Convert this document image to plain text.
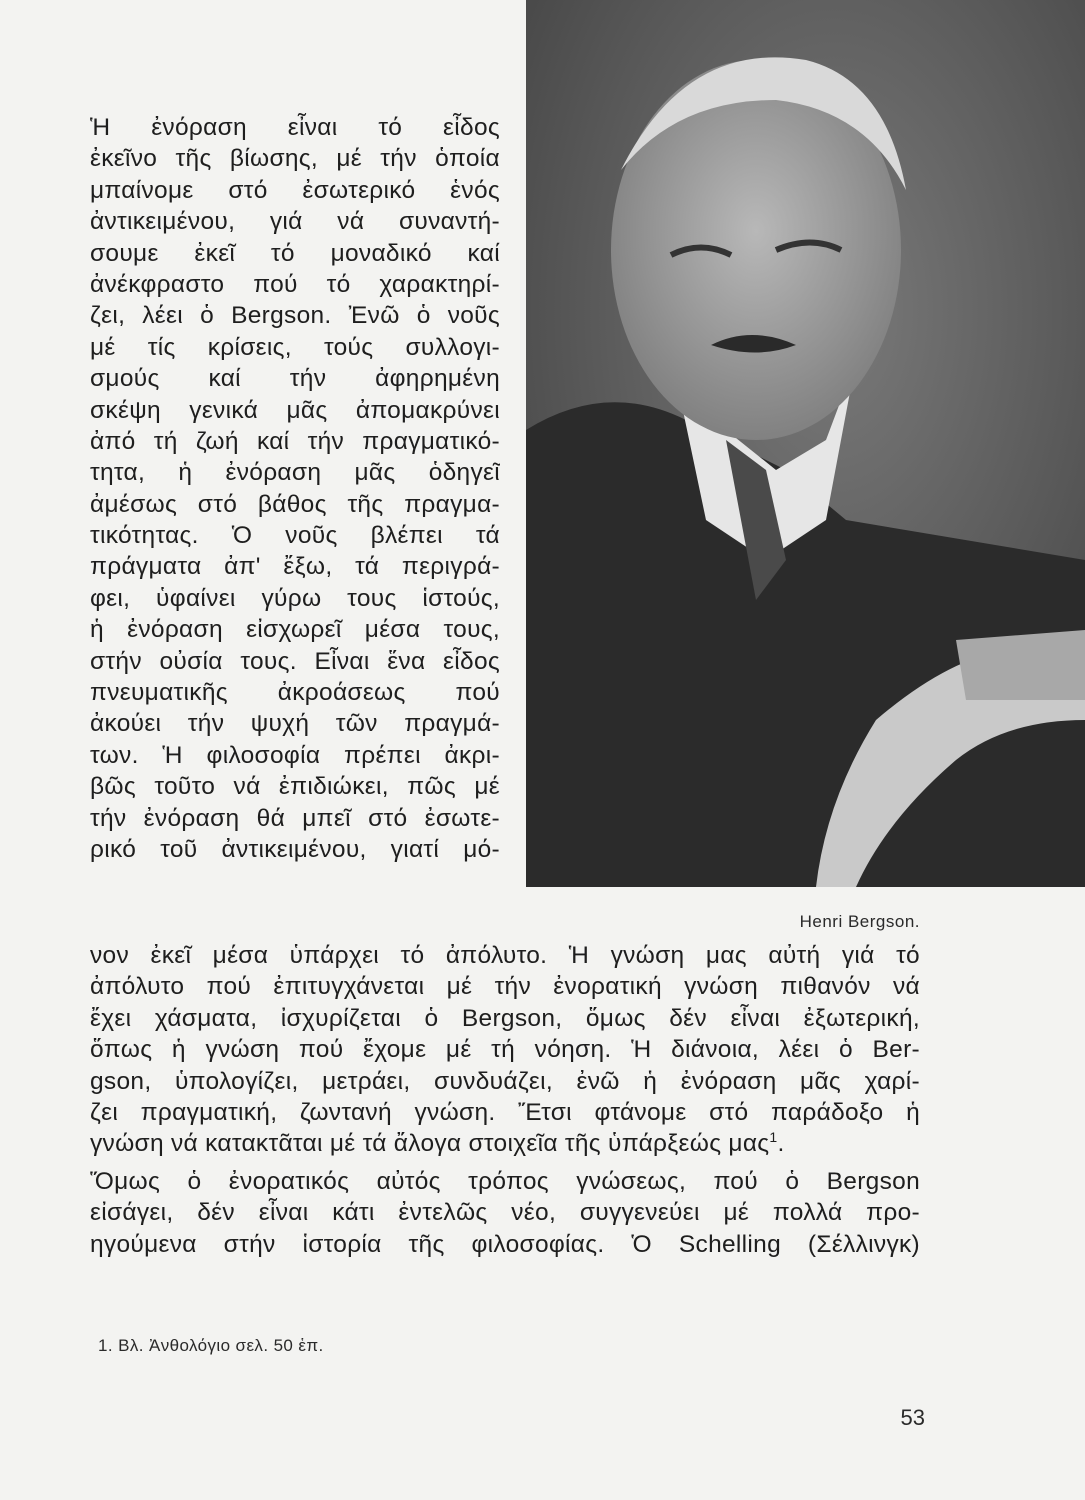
Henri Bergson.
Ἡ ἐνόραση εἶναι τό εἶδος
ἐκεῖνο τῆς βίωσης, μέ τήν ὁποία
μπαίνομε στό ἐσωτερικό ἑνός
ἀντικειμένου, γιά νά συναντή-
σουμε ἐκεῖ τό μοναδικό καί
ἀνέκφραστο πού τό χαρακτηρί-
ζει, λέει ὁ Bergson. Ἐνῶ ὁ νοῦς
μέ τίς κρίσεις, τούς συλλογι-
σμούς καί τήν ἀφηρημένη
σκέψη γενικά μᾶς ἀπομακρύνει
ἀπό τή ζωή καί τήν πραγματικό-
τητα, ἡ ἐνόραση μᾶς ὁδηγεῖ
ἀμέσως στό βάθος τῆς πραγμα-
τικότητας. Ὁ νοῦς βλέπει τά
πράγματα ἀπ' ἔξω, τά περιγρά-
φει, ὑφαίνει γύρω τους ἱστούς,
ἡ ἐνόραση εἰσχωρεῖ μέσα τους,
στήν οὐσία τους. Εἶναι ἕνα εἶδος
πνευματικῆς ἀκροάσεως πού
ἀκούει τήν ψυχή τῶν πραγμά-
των. Ἡ φιλοσοφία πρέπει ἀκρι-
βῶς τοῦτο νά ἐπιδιώκει, πῶς μέ
τήν ἐνόραση θά μπεῖ στό ἐσωτε-
ρικό τοῦ ἀντικειμένου, γιατί μό-
νον ἐκεῖ μέσα ὑπάρχει τό ἀπόλυτο. Ἡ γνώση μας αὐτή γιά τό
ἀπόλυτο πού ἐπιτυγχάνεται μέ τήν ἐνορατική γνώση πιθανόν νά
ἔχει χάσματα, ἰσχυρίζεται ὁ Bergson, ὅμως δέν εἶναι ἐξωτερική,
ὅπως ἡ γνώση πού ἔχομε μέ τή νόηση. Ἡ διάνοια, λέει ὁ Ber-
gson, ὑπολογίζει, μετράει, συνδυάζει, ἐνῶ ἡ ἐνόραση μᾶς χαρί-
ζει πραγματική, ζωντανή γνώση. Ἔτσι φτάνομε στό παράδοξο ἡ
γνώση νά κατακτᾶται μέ τά ἄλογα στοιχεῖα τῆς ὑπάρξεώς μας$^1$.
Ὅμως ὁ ἐνορατικός αὐτός τρόπος γνώσεως, πού ὁ Bergson
εἰσάγει, δέν εἶναι κάτι ἐντελῶς νέο, συγγενεύει μέ πολλά προ-
ηγούμενα στήν ἱστορία τῆς φιλοσοφίας. Ὁ Schelling (Σέλλινγκ)
1. Βλ. Ἀνθολόγιο σελ. 50 ἑπ.
53
